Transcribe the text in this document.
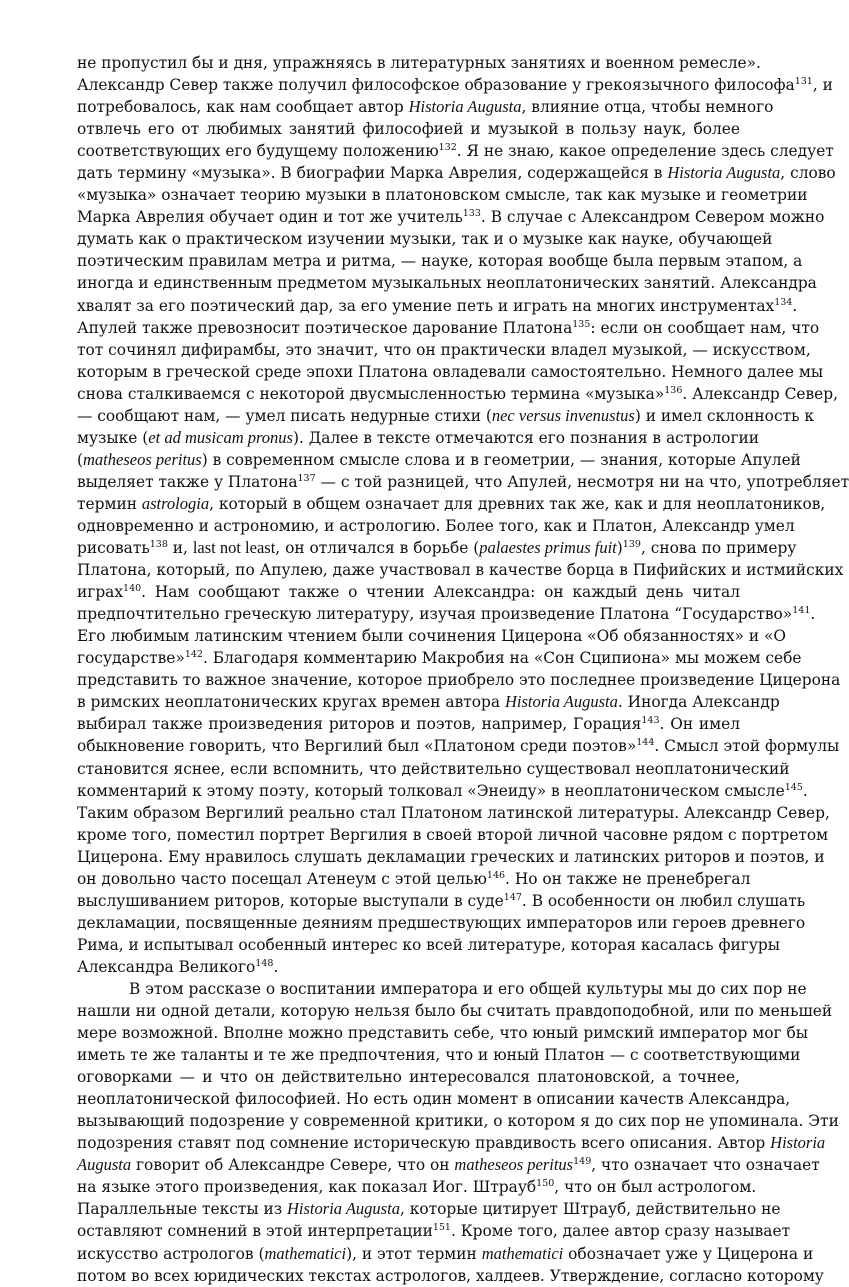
не пропустил бы и дня, упражняясь в литературных занятиях и военном ремесле».
Александр Север также получил философское образование у грекоязычного философа$^{131}$, и
потребовалось, как нам сообщает автор Historia Augusta, влияние отца, чтобы немного
отвлечь его от любимых занятий философией и музыкой в пользу наук, более
соответствующих его будущему положению$^{132}$. Я не знаю, какое определение здесь следует
дать термину «музыка». В биографии Марка Аврелия, содержащейся в Historia Augusta, слово
«музыка» означает теорию музыки в платоновском смысле, так как музыке и геометрии
Марка Аврелия обучает один и тот же учитель$^{133}$. В случае с Александром Севером можно
думать как о практическом изучении музыки, так и о музыке как науке, обучающей
поэтическим правилам метра и ритма, — науке, которая вообще была первым этапом, а
иногда и единственным предметом музыкальных неоплатонических занятий. Александра
хвалят за его поэтический дар, за его умение петь и играть на многих инструментах$^{134}$.
Апулей также превозносит поэтическое дарование Платона$^{135}$: если он сообщает нам, что
тот сочинял дифирамбы, это значит, что он практически владел музыкой, — искусством,
которым в греческой среде эпохи Платона овладевали самостоятельно. Немного далее мы
снова сталкиваемся с некоторой двусмысленностью термина «музыка»$^{136}$. Александр Север,
— сообщают нам, — умел писать недурные стихи (nec versus invenustus) и имел склонность к
музыке (et ad musicam pronus). Далее в тексте отмечаются его познания в астрологии
(matheseos peritus) в современном смысле слова и в геометрии, — знания, которые Апулей
выделяет также у Платона$^{137}$ — с той разницей, что Апулей, несмотря ни на что, употребляет
термин astrologia, который в общем означает для древних так же, как и для неоплатоников,
одновременно и астрономию, и астрологию. Более того, как и Платон, Александр умел
рисовать$^{138}$ и, last not least, он отличался в борьбе (palaestes primus fuit)$^{139}$, снова по примеру
Платона, который, по Апулею, даже участвовал в качестве борца в Пифийских и истмийских
играх$^{140}$. Нам сообщают также о чтении Александра: он каждый день читал
предпочтительно греческую литературу, изучая произведение Платона “Государство»$^{141}$.
Его любимым латинским чтением были сочинения Цицерона «Об обязанностях» и «О
государстве»$^{142}$. Благодаря комментарию Макробия на «Сон Сципиона» мы можем себе
представить то важное значение, которое приобрело это последнее произведение Цицерона
в римских неоплатонических кругах времен автора Historia Augusta. Иногда Александр
выбирал также произведения риторов и поэтов, например, Горация$^{143}$. Он имел
обыкновение говорить, что Вергилий был «Платоном среди поэтов»$^{144}$. Смысл этой формулы
становится яснее, если вспомнить, что действительно существовал неоплатонический
комментарий к этому поэту, который толковал «Энеиду» в неоплатоническом смысле$^{145}$.
Таким образом Вергилий реально стал Платоном латинской литературы. Александр Север,
кроме того, поместил портрет Вергилия в своей второй личной часовне рядом с портретом
Цицерона. Ему нравилось слушать декламации греческих и латинских риторов и поэтов, и
он довольно часто посещал Атенеум с этой целью$^{146}$. Но он также не пренебрегал
выслушиванием риторов, которые выступали в суде$^{147}$. В особенности он любил слушать
декламации, посвященные деяниям предшествующих императоров или героев древнего
Рима, и испытывал особенный интерес ко всей литературе, которая касалась фигуры
Александра Великого$^{148}$.

В этом рассказе о воспитании императора и его общей культуры мы до сих пор не
нашли ни одной детали, которую нельзя было бы считать правдоподобной, или по меньшей
мере возможной. Вполне можно представить себе, что юный римский император мог бы
иметь те же таланты и те же предпочтения, что и юный Платон — с соответствующими
оговорками — и что он действительно интересовался платоновской, а точнее,
неоплатонической философией. Но есть один момент в описании качеств Александра,
вызывающий подозрение у современной критики, о котором я до сих пор не упоминала. Эти
подозрения ставят под сомнение историческую правдивость всего описания. Автор Historia
Augusta говорит об Александре Севере, что он matheseos peritus$^{149}$, что означает что означает
на языке этого произведения, как показал Иог. Штрауб$^{150}$, что он был астрологом.
Параллельные тексты из Historia Augusta, которые цитирует Штрауб, действительно не
оставляют сомнений в этой интерпретации$^{151}$. Кроме того, далее автор сразу называет
искусство астрологов (mathematici), и этот термин mathematici обозначает уже у Цицерона и
потом во всех юридических текстах астрологов, халдеев. Утверждение, согласно которому
